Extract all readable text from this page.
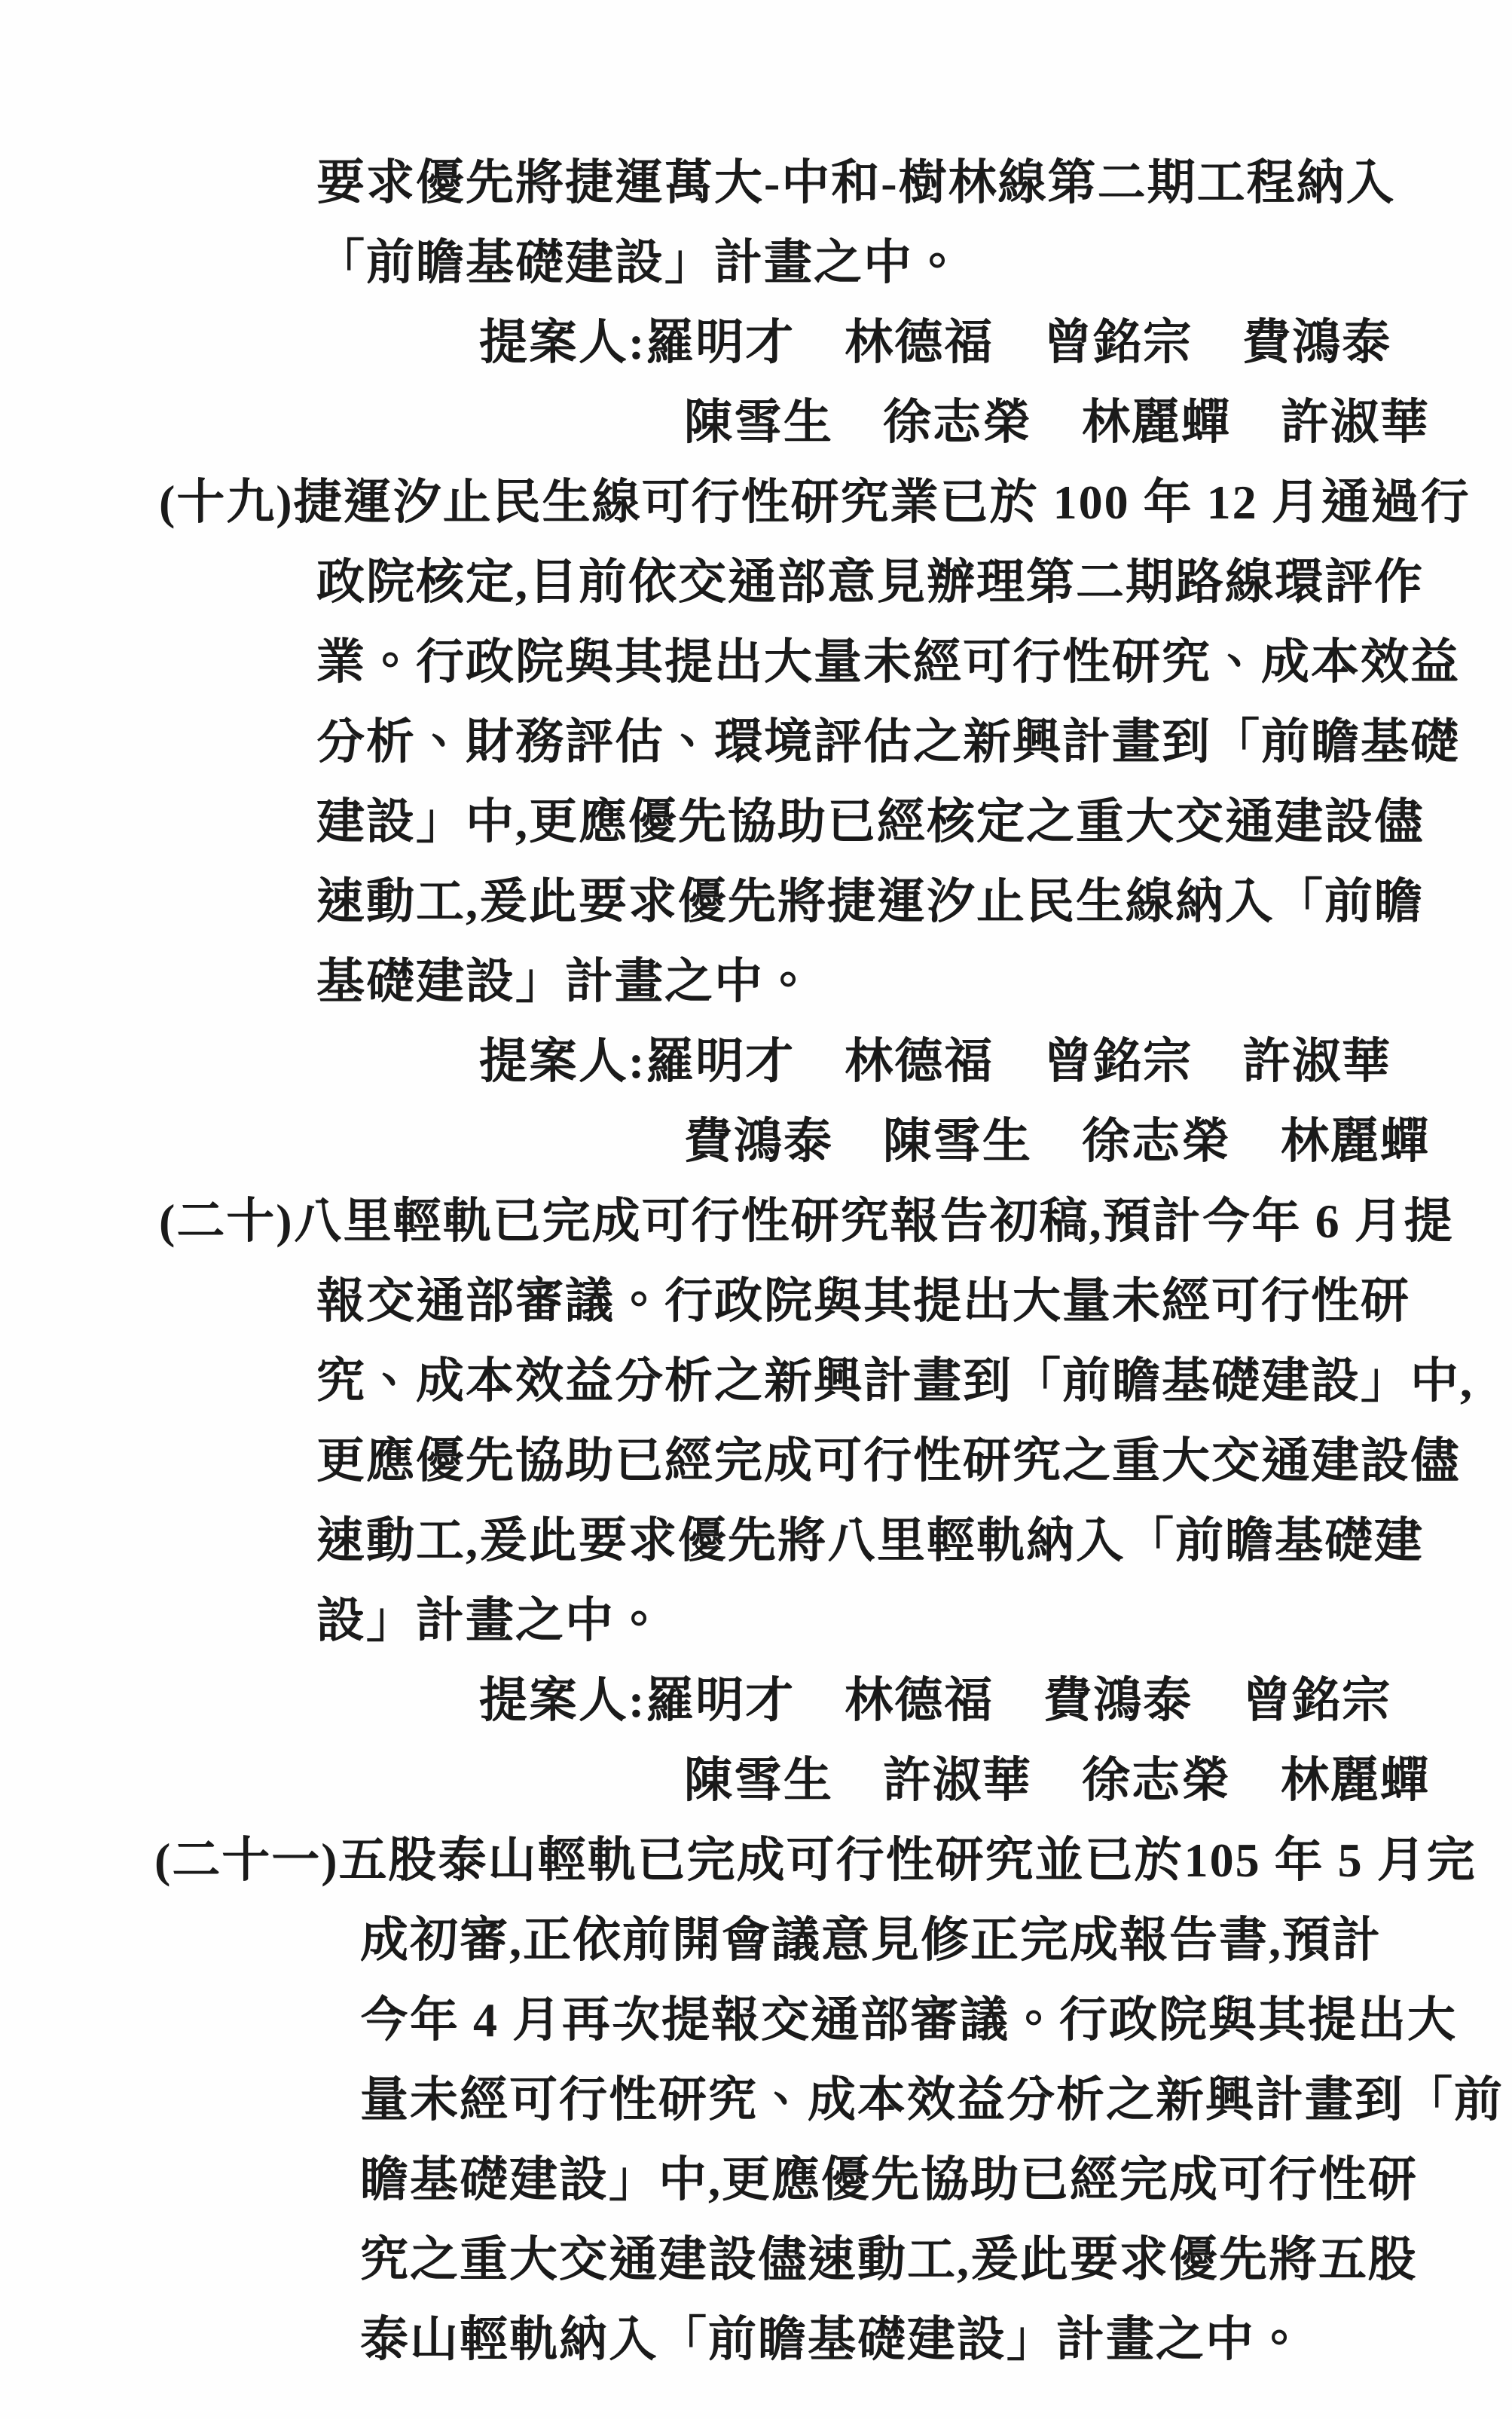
要求優先將捷運萬大-中和-樹林線第二期工程納入
「前瞻基礎建設」計畫之中。
提案人:羅明才　林德福　曾銘宗　費鴻泰
陳雪生　徐志榮　林麗蟬　許淑華
(十九)捷運汐止民生線可行性研究業已於 100 年 12 月通過行
政院核定,目前依交通部意見辦理第二期路線環評作
業。行政院與其提出大量未經可行性研究、成本效益
分析、財務評估、環境評估之新興計畫到「前瞻基礎
建設」中,更應優先協助已經核定之重大交通建設儘
速動工,爰此要求優先將捷運汐止民生線納入「前瞻
基礎建設」計畫之中。
提案人:羅明才　林德福　曾銘宗　許淑華
費鴻泰　陳雪生　徐志榮　林麗蟬
(二十)八里輕軌已完成可行性研究報告初稿,預計今年 6 月提
報交通部審議。行政院與其提出大量未經可行性研
究、成本效益分析之新興計畫到「前瞻基礎建設」中,
更應優先協助已經完成可行性研究之重大交通建設儘
速動工,爰此要求優先將八里輕軌納入「前瞻基礎建
設」計畫之中。
提案人:羅明才　林德福　費鴻泰　曾銘宗
陳雪生　許淑華　徐志榮　林麗蟬
(二十一)五股泰山輕軌已完成可行性研究並已於105 年 5 月完
成初審,正依前開會議意見修正完成報告書,預計
今年 4 月再次提報交通部審議。行政院與其提出大
量未經可行性研究、成本效益分析之新興計畫到「前
瞻基礎建設」中,更應優先協助已經完成可行性研
究之重大交通建設儘速動工,爰此要求優先將五股
泰山輕軌納入「前瞻基礎建設」計畫之中。
